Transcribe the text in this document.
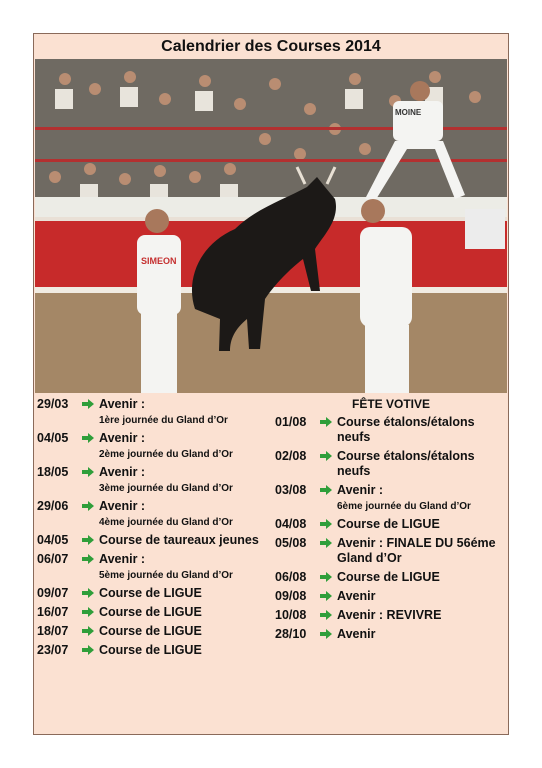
Calendrier des Courses 2014
SIMEON
MOINE
29/03	Avenir :
1ère journée du Gland d’Or
04/05	Avenir :
2ème journée du Gland d’Or
18/05	Avenir :
3ème journée du Gland d’Or
29/06	Avenir :
4ème journée du Gland d’Or
04/05	Course de taureaux jeunes
06/07	Avenir :
5ème journée du Gland d’Or
09/07	Course de LIGUE
16/07	Course de LIGUE
18/07	Course de LIGUE
23/07	Course de LIGUE
FÊTE VOTIVE
01/08	Course étalons/étalons neufs
02/08	Course étalons/étalons neufs
03/08	Avenir :
6ème journée du Gland d’Or
04/08	Course de LIGUE
05/08	Avenir : FINALE DU 56éme Gland d’Or
06/08	Course de LIGUE
09/08	Avenir
10/08	Avenir : REVIVRE
28/10	Avenir
